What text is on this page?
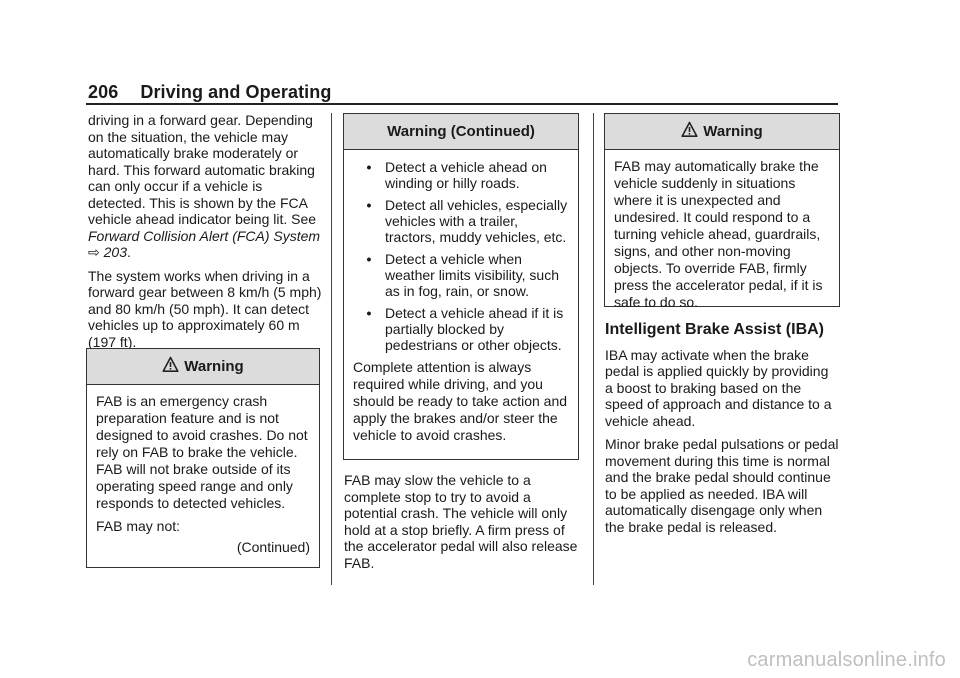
206 Driving and Operating

driving in a forward gear. Depending on the situation, the vehicle may automatically brake moderately or hard. This forward automatic braking can only occur if a vehicle is detected. This is shown by the FCA vehicle ahead indicator being lit. See Forward Collision Alert (FCA) System ⇨ 203.

The system works when driving in a forward gear between 8 km/h (5 mph) and 80 km/h (50 mph). It can detect vehicles up to approximately 60 m (197 ft).

Warning

FAB is an emergency crash preparation feature and is not designed to avoid crashes. Do not rely on FAB to brake the vehicle. FAB will not brake outside of its operating speed range and only responds to detected vehicles.

FAB may not:

(Continued)
Warning (Continued)
• Detect a vehicle ahead on winding or hilly roads.
• Detect all vehicles, especially vehicles with a trailer, tractors, muddy vehicles, etc.
• Detect a vehicle when weather limits visibility, such as in fog, rain, or snow.
• Detect a vehicle ahead if it is partially blocked by pedestrians or other objects.

Complete attention is always required while driving, and you should be ready to take action and apply the brakes and/or steer the vehicle to avoid crashes.

FAB may slow the vehicle to a complete stop to try to avoid a potential crash. The vehicle will only hold at a stop briefly. A firm press of the accelerator pedal will also release FAB.

Warning

FAB may automatically brake the vehicle suddenly in situations where it is unexpected and undesired. It could respond to a turning vehicle ahead, guardrails, signs, and other non-moving objects. To override FAB, firmly press the accelerator pedal, if it is safe to do so.

Intelligent Brake Assist (IBA)

IBA may activate when the brake pedal is applied quickly by providing a boost to braking based on the speed of approach and distance to a vehicle ahead.

Minor brake pedal pulsations or pedal movement during this time is normal and the brake pedal should continue to be applied as needed. IBA will automatically disengage only when the brake pedal is released.

carmanualsonline.info
